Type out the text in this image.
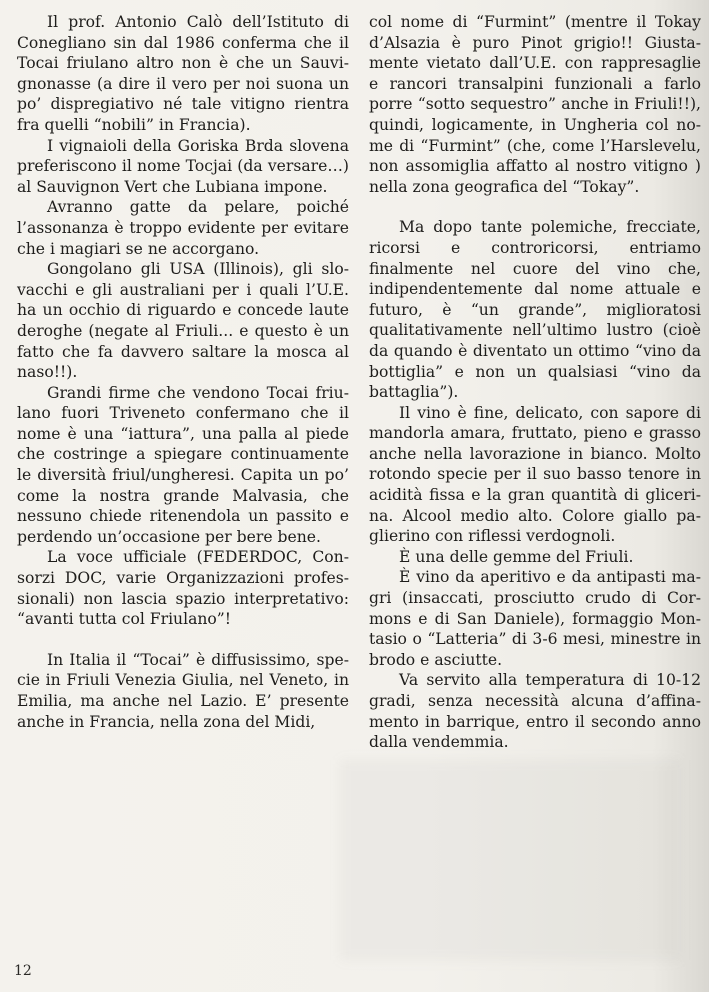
Il prof. Antonio Calò dell’Istituto di Conegliano sin dal 1986 conferma che il Tocai friulano altro non è che un Sauvignonasse (a dire il vero per noi suona un po’ dispregiativo né tale vitigno rientra fra quelli “nobili” in Francia).

I vignaioli della Goriska Brda slovena preferiscono il nome Tocjai (da versare…) al Sauvignon Vert che Lubiana impone.

Avranno gatte da pelare, poiché l’assonanza è troppo evidente per evitare che i magiari se ne accorgano.

Gongolano gli USA (Illinois), gli slovacchi e gli australiani per i quali l’U.E. ha un occhio di riguardo e concede laute deroghe (negate al Friuli... e questo è un fatto che fa davvero saltare la mosca al naso!!).

Grandi firme che vendono Tocai friulano fuori Triveneto confermano che il nome è una “iattura”, una palla al piede che costringe a spiegare continuamente le diversità friul/ungheresi. Capita un po’ come la nostra grande Malvasia, che nessuno chiede ritenendola un passito e perdendo un’occasione per bere bene.

La voce ufficiale (FEDERDOC, Consorzi DOC, varie Organizzazioni professionali) non lascia spazio interpretativo: “avanti tutta col Friulano”!

In Italia il “Tocai” è diffusissimo, specie in Friuli Venezia Giulia, nel Veneto, in Emilia, ma anche nel Lazio. E’ presente anche in Francia, nella zona del Midi,

col nome di “Furmint” (mentre il Tokay d’Alsazia è puro Pinot grigio!! Giustamente vietato dall’U.E. con rappresaglie e rancori transalpini funzionali a farlo porre “sotto sequestro” anche in Friuli!!), quindi, logicamente, in Ungheria col nome di “Furmint” (che, come l’Harslevelu, non assomiglia affatto al nostro vitigno ) nella zona geografica del “Tokay”.

Ma dopo tante polemiche, frecciate, ricorsi e controricorsi, entriamo finalmente nel cuore del vino che, indipendentemente dal nome attuale e futuro, è “un grande”, miglioratosi qualitativamente nell’ultimo lustro (cioè da quando è diventato un ottimo “vino da bottiglia” e non un qualsiasi “vino da battaglia”).

Il vino è fine, delicato, con sapore di mandorla amara, fruttato, pieno e grasso anche nella lavorazione in bianco. Molto rotondo specie per il suo basso tenore in acidità fissa e la gran quantità di glicerina. Alcool medio alto. Colore giallo paglierino con riflessi verdognoli.

È una delle gemme del Friuli.

È vino da aperitivo e da antipasti magri (insaccati, prosciutto crudo di Cormons e di San Daniele), formaggio Montasio o “Latteria” di 3-6 mesi, minestre in brodo e asciutte.

Va servito alla temperatura di 10-12 gradi, senza necessità alcuna d’affinamento in barrique, entro il secondo anno dalla vendemmia.

12
